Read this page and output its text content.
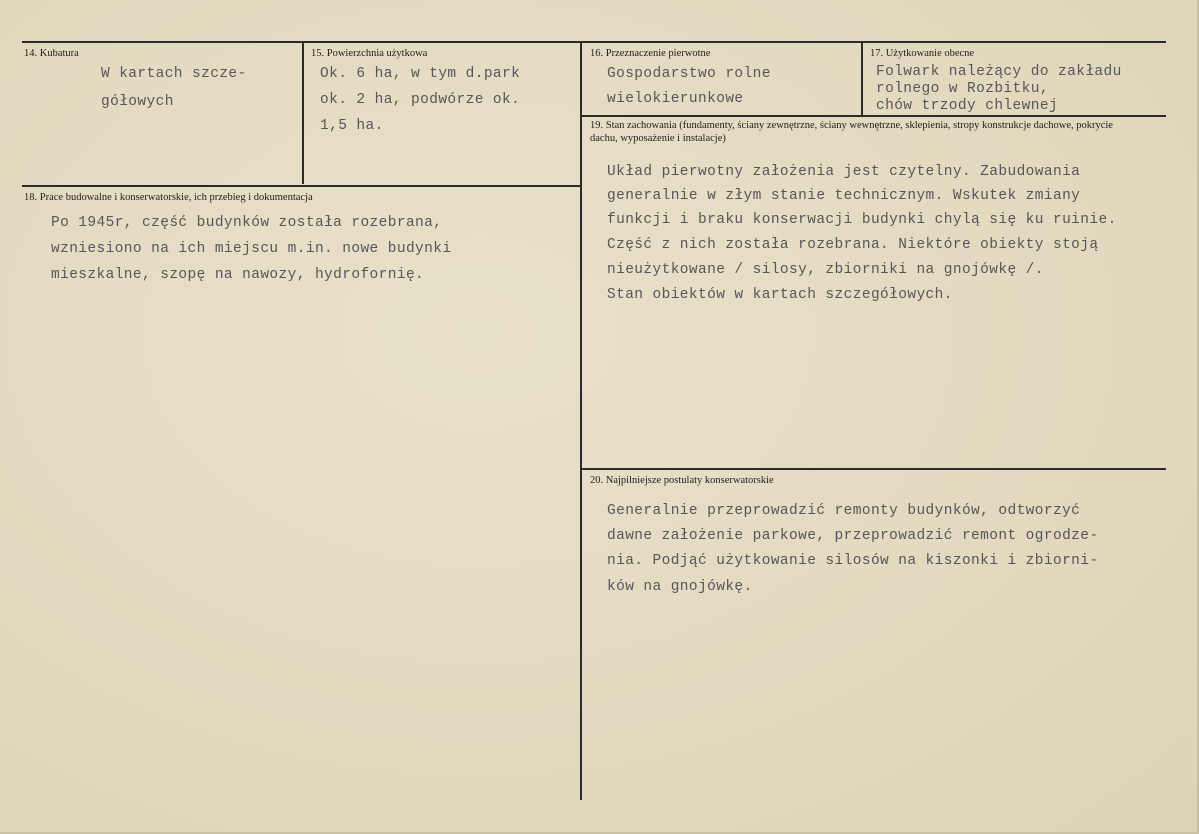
14. Kubatura
W kartach szcze-
gółowych
15. Powierzchnia użytkowa
Ok. 6 ha, w tym d.park
ok. 2 ha, podwórze ok.
1,5 ha.
16. Przeznaczenie pierwotne
Gospodarstwo rolne
wielokierunkowe
17. Użytkowanie obecne
Folwark należący do zakładu
rolnego w Rozbitku,
chów trzody chlewnej
18. Prace budowalne i konserwatorskie, ich przebieg i dokumentacja
Po 1945r, część budynków została rozebrana,
wzniesiono na ich miejscu m.in. nowe budynki
mieszkalne, szopę na nawozy, hydrofornię.
19. Stan zachowania (fundamenty, ściany zewnętrzne, ściany wewnętrzne, sklepienia, stropy konstrukcje dachowe, pokrycie dachu, wyposażenie i instalacje)
Układ pierwotny założenia jest czytelny. Zabudowania
generalnie w złym stanie technicznym. Wskutek zmiany
funkcji i braku konserwacji budynki chylą się ku ruinie.
Część z nich została rozebrana. Niektóre obiekty stoją
nieużytkowane / silosy, zbiorniki na gnojówkę /.
Stan obiektów w kartach szczegółowych.
20. Najpilniejsze postulaty konserwatorskie
Generalnie przeprowadzić remonty budynków, odtworzyć
dawne założenie parkowe, przeprowadzić remont ogrodze-
nia. Podjąć użytkowanie silosów na kiszonki i zbiorni-
ków na gnojówkę.
